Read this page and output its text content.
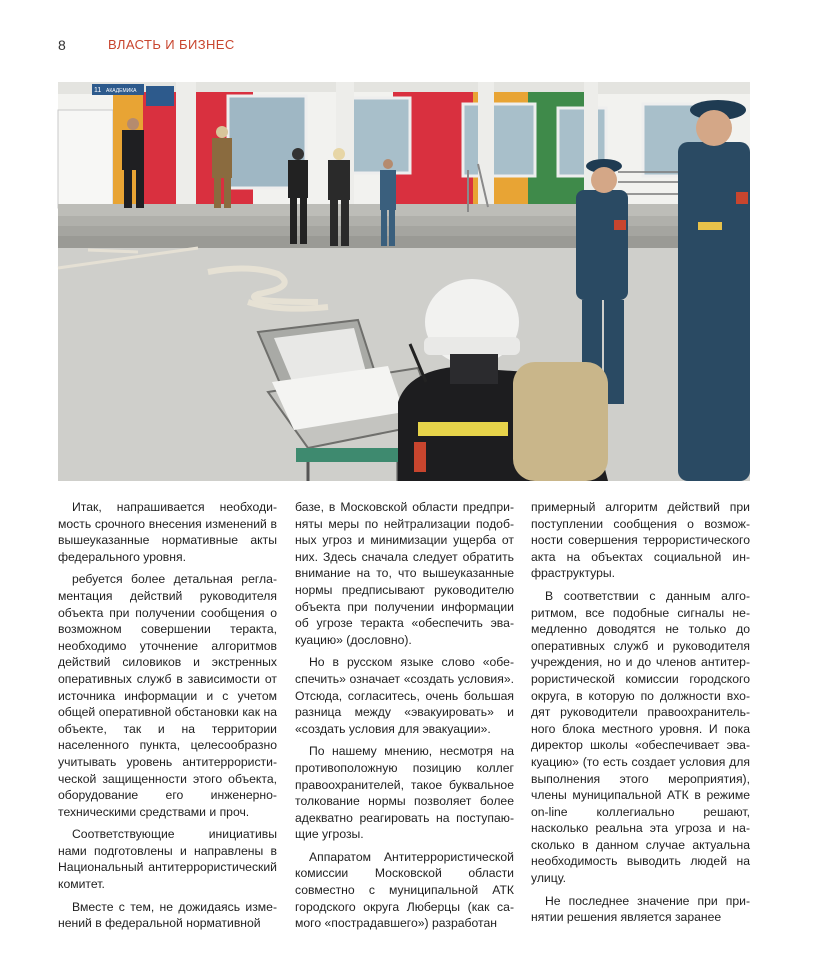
8	ВЛАСТЬ И БИЗНЕС
11 АКАДЕМИКА

Итак, напрашивается необходимость срочного внесения изменений в вышеуказанные нормативные акты федерального уровня.

ребуется более детальная регламентация действий руководителя объекта при получении сообщения о возможном совершении теракта, необходимо уточнение алгоритмов действий силовиков и экстренных оперативных служб в зависимости от источника информации и с учетом общей оперативной обстановки как на объекте, так и на территории населенного пункта, целесообразно учитывать уровень антитеррористической защищенности этого объекта, оборудование его инженерно-техническими средствами и проч.

Соответствующие инициативы нами подготовлены и направлены в Национальный антитеррористический комитет.

Вместе с тем, не дожидаясь изменений в федеральной нормативной

базе, в Московской области предприняты меры по нейтрализации подобных угроз и минимизации ущерба от них. Здесь сначала следует обратить внимание на то, что вышеуказанные нормы предписывают руководителю объекта при получении информации об угрозе теракта «обеспечить эвакуацию» (дословно).

Но в русском языке слово «обеспечить» означает «создать условия». Отсюда, согласитесь, очень большая разница между «эвакуировать» и «создать условия для эвакуации».

По нашему мнению, несмотря на противоположную позицию коллег правоохранителей, такое буквальное толкование нормы позволяет более адекватно реагировать на поступающие угрозы.

Аппаратом Антитеррористической комиссии Московской области совместно с муниципальной АТК городского округа Люберцы (как самого «пострадавшего») разработан

примерный алгоритм действий при поступлении сообщения о возможности совершения террористического акта на объектах социальной инфраструктуры.

В соответствии с данным алгоритмом, все подобные сигналы немедленно доводятся не только до оперативных служб и руководителя учреждения, но и до членов антитеррористической комиссии городского округа, в которую по должности входят руководители правоохранительного блока местного уровня. И пока директор школы «обеспечивает эвакуацию» (то есть создает условия для выполнения этого мероприятия), члены муниципальной АТК в режиме on-line коллегиально решают, насколько реальна эта угроза и насколько в данном случае актуальна необходимость выводить людей на улицу.

Не последнее значение при принятии решения является заранее
